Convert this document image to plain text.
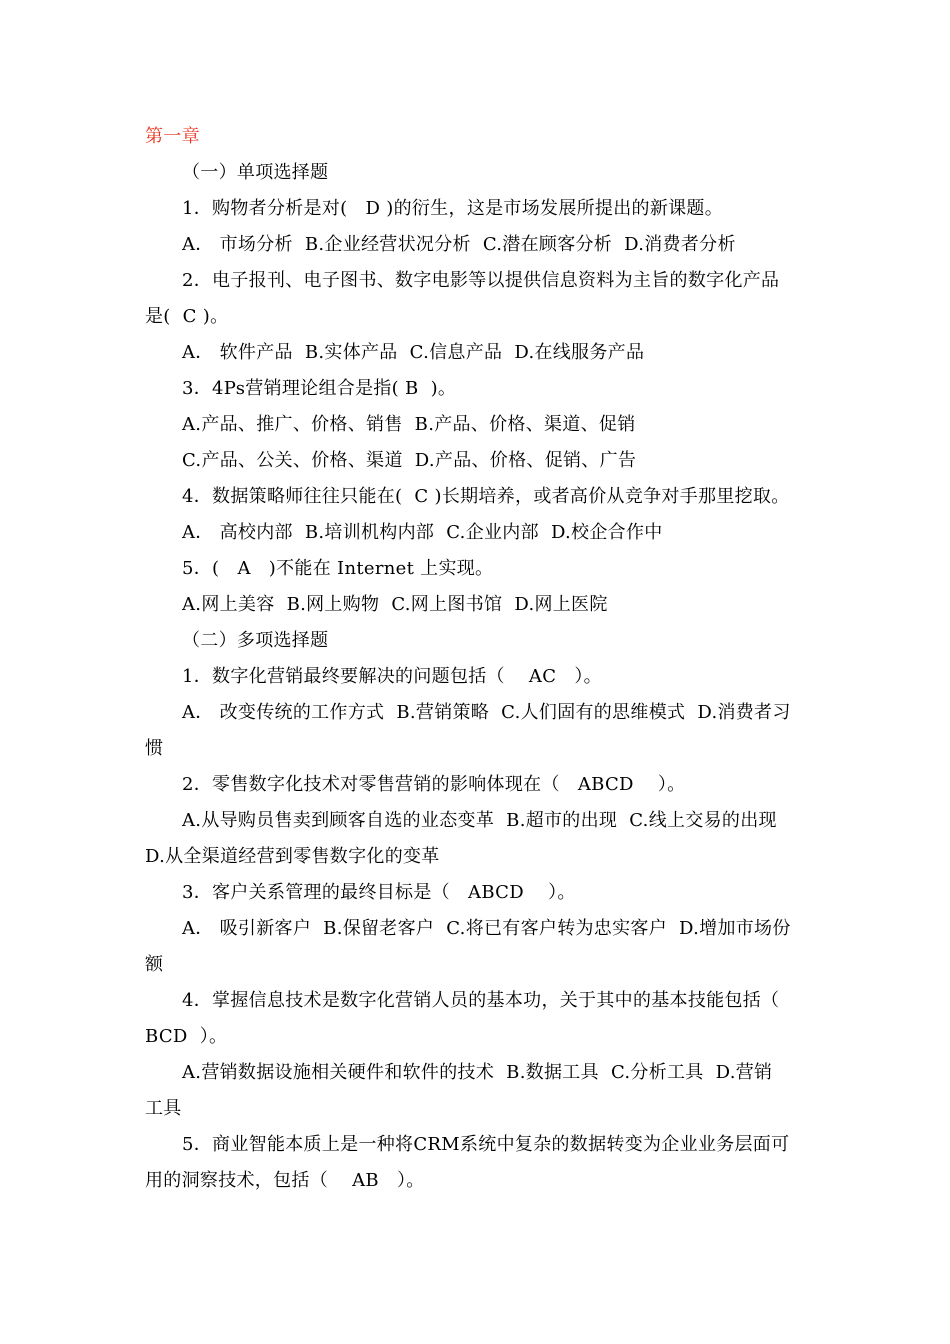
第一章
（一）单项选择题
1．购物者分析是对(   D )的衍生，这是市场发展所提出的新课题。
A． 市场分析  B.企业经营状况分析  C.潜在顾客分析  D.消费者分析
2．电子报刊、电子图书、数字电影等以提供信息资料为主旨的数字化产品
是(  C )。
A． 软件产品  B.实体产品  C.信息产品  D.在线服务产品
3．4Ps营销理论组合是指( B  )。
A.产品、推广、价格、销售  B.产品、价格、渠道、促销
C.产品、公关、价格、渠道  D.产品、价格、促销、广告
4．数据策略师往往只能在(  C )长期培养，或者高价从竞争对手那里挖取。
A． 高校内部  B.培训机构内部  C.企业内部  D.校企合作中
5．(   A   )不能在 Internet 上实现。
A.网上美容  B.网上购物  C.网上图书馆  D.网上医院
（二）多项选择题
1．数字化营销最终要解决的问题包括（    AC   ）。
A． 改变传统的工作方式  B.营销策略  C.人们固有的思维模式  D.消费者习
惯
2．零售数字化技术对零售营销的影响体现在（   ABCD    ）。
A.从导购员售卖到顾客自选的业态变革  B.超市的出现  C.线上交易的出现
D.从全渠道经营到零售数字化的变革
3．客户关系管理的最终目标是（   ABCD    ）。
A． 吸引新客户  B.保留老客户  C.将已有客户转为忠实客户  D.增加市场份
额
4．掌握信息技术是数字化营销人员的基本功，关于其中的基本技能包括（
BCD  ）。
A.营销数据设施相关硬件和软件的技术  B.数据工具  C.分析工具  D.营销
工具
5．商业智能本质上是一种将CRM系统中复杂的数据转变为企业业务层面可
用的洞察技术，包括（    AB   ）。
